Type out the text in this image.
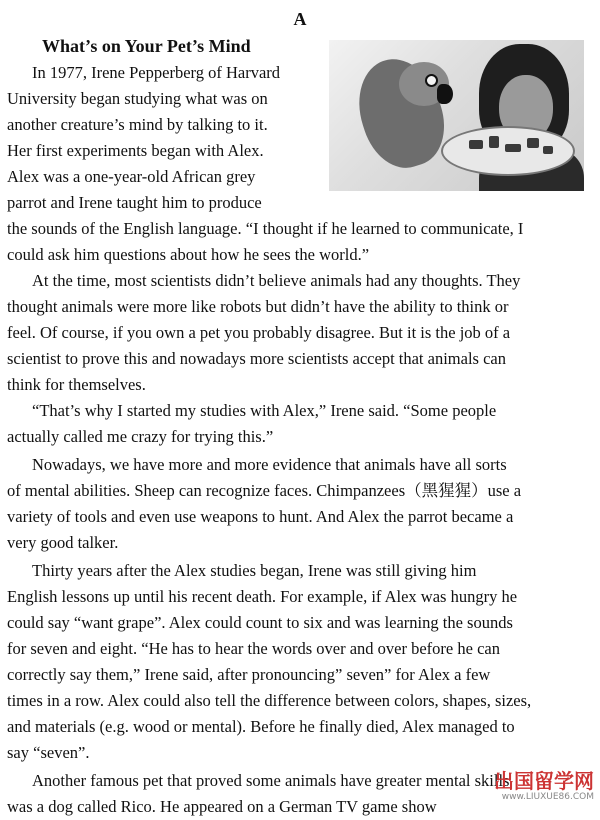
A
What’s on Your Pet’s Mind
In 1977, Irene Pepperberg of Harvard
University began studying what was on
another creature’s mind by talking to it.
Her first experiments began with Alex.
Alex was a one-year-old African grey
parrot and Irene taught him to produce
the sounds of the English language. “I thought if he learned to communicate, I
could ask him questions about how he sees the world.”
At the time, most scientists didn’t believe animals had any thoughts. They
thought animals were more like robots but didn’t have the ability to think or
feel. Of course, if you own a pet you probably disagree. But it is the job of a
scientist to prove this and nowadays more scientists accept that animals can
think for themselves.
“That’s why I started my studies with Alex,” Irene said. “Some people
actually called me crazy for trying this.”
Nowadays, we have more and more evidence that animals have all sorts
of mental abilities. Sheep can recognize faces. Chimpanzees（黑猩猩）use a
variety of tools and even use weapons to hunt. And Alex the parrot became a
very good talker.
Thirty years after the Alex studies began, Irene was still giving him
English lessons up until his recent death. For example, if Alex was hungry he
could say “want grape”. Alex could count to six and was learning the sounds
for seven and eight. “He has to hear the words over and over before he can
correctly say them,” Irene said, after pronouncing” seven” for Alex a few
times in a row. Alex could also tell the difference between colors, shapes, sizes,
and materials (e.g. wood or mental). Before he finally died, Alex managed to
say “seven”.
Another famous pet that proved some animals have greater mental skills
was a dog called Rico. He appeared on a German TV game show
出国留学网
www.LIUXUE86.COM
